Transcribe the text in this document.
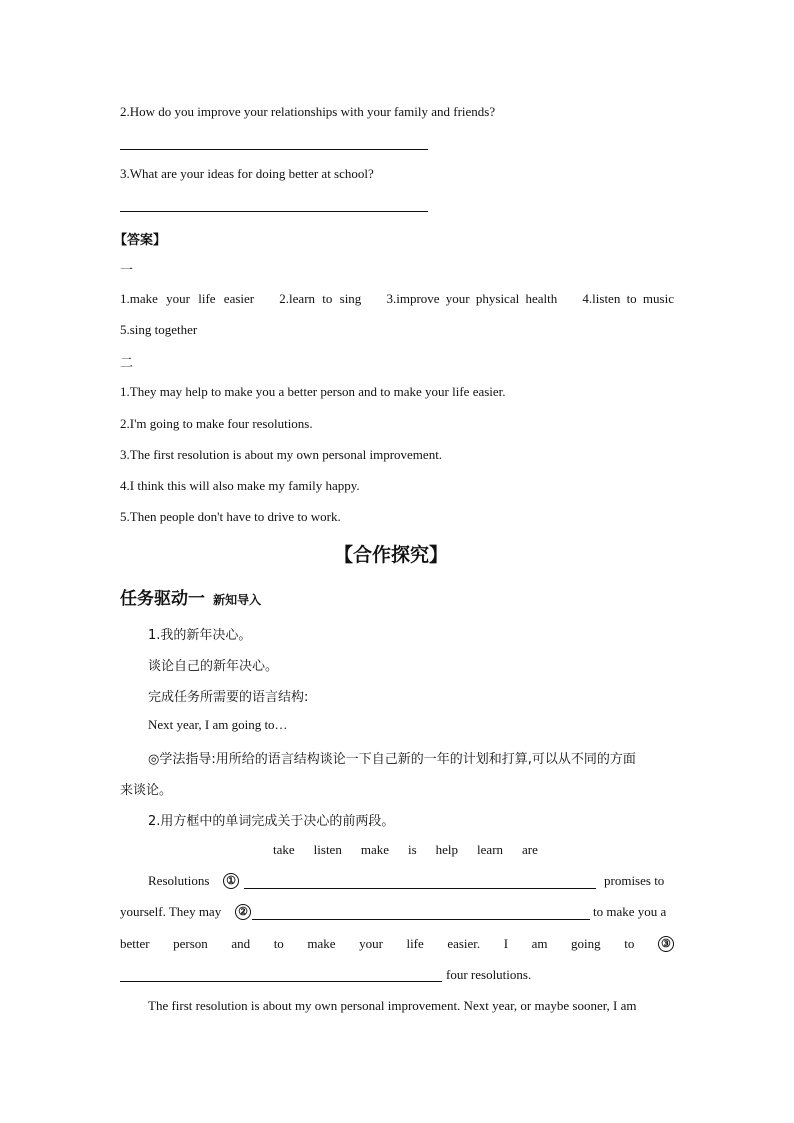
2.How do you improve your relationships with your family and friends?
3.What are your ideas for doing better at school?
【答案】
一
1.make your life easier 2.learn to sing 3.improve your physical health 4.listen to music
5.sing together
二
1.They may help to make you a better person and to make your life easier.
2.I'm going to make four resolutions.
3.The first resolution is about my own personal improvement.
4.I think this will also make my family happy.
5.Then people don't have to drive to work.
【合作探究】
任务驱动一 新知导入
1.我的新年决心。
谈论自己的新年决心。
完成任务所需要的语言结构:
Next year, I am going to…
◎学法指导:用所给的语言结构谈论一下自己新的一年的计划和打算,可以从不同的方面
来谈论。
2.用方框中的单词完成关于决心的前两段。
take listen make is help learn are
Resolutions ①	promises to
yourself. They may ②	to make you a
better person and to make your life easier. I am going to ③
four resolutions.
The first resolution is about my own personal improvement. Next year, or maybe sooner, I am
